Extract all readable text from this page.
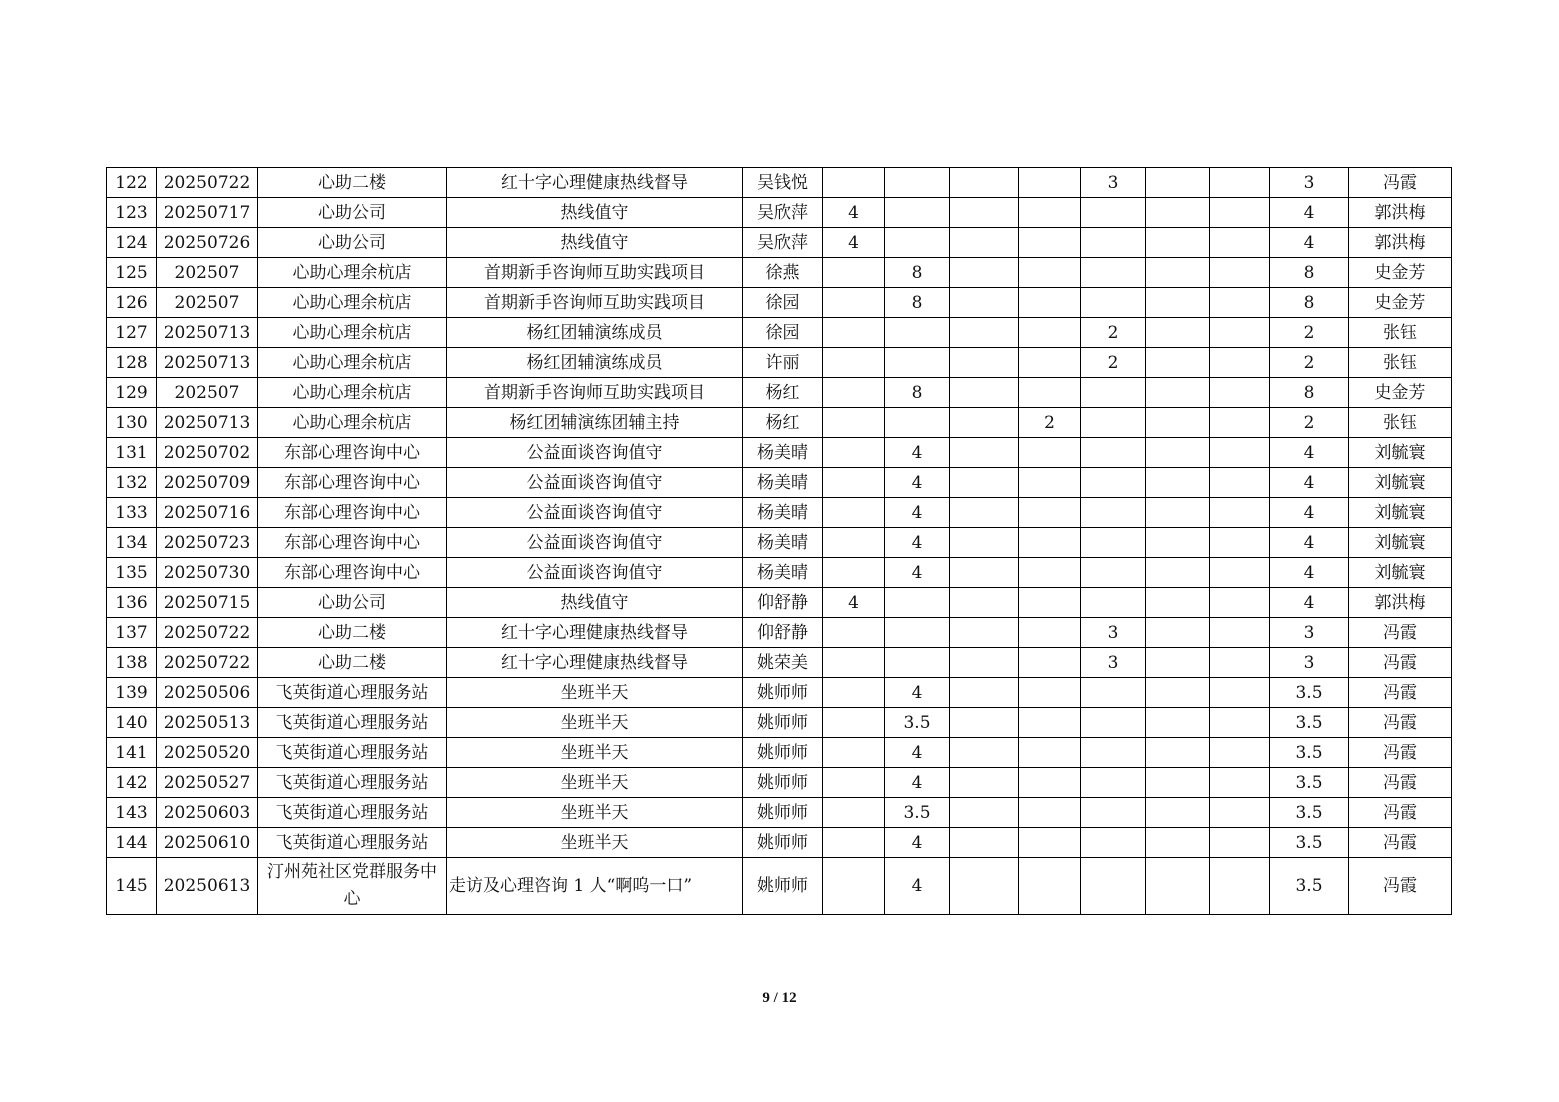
122	20250722	心助二楼	红十字心理健康热线督导	吴钱悦					3			3	冯霞
123	20250717	心助公司	热线值守	吴欣萍	4							4	郭洪梅
124	20250726	心助公司	热线值守	吴欣萍	4							4	郭洪梅
125	202507	心助心理余杭店	首期新手咨询师互助实践项目	徐燕		8						8	史金芳
126	202507	心助心理余杭店	首期新手咨询师互助实践项目	徐园		8						8	史金芳
127	20250713	心助心理余杭店	杨红团辅演练成员	徐园					2			2	张钰
128	20250713	心助心理余杭店	杨红团辅演练成员	许丽					2			2	张钰
129	202507	心助心理余杭店	首期新手咨询师互助实践项目	杨红		8						8	史金芳
130	20250713	心助心理余杭店	杨红团辅演练团辅主持	杨红				2				2	张钰
131	20250702	东部心理咨询中心	公益面谈咨询值守	杨美晴		4						4	刘毓寰
132	20250709	东部心理咨询中心	公益面谈咨询值守	杨美晴		4						4	刘毓寰
133	20250716	东部心理咨询中心	公益面谈咨询值守	杨美晴		4						4	刘毓寰
134	20250723	东部心理咨询中心	公益面谈咨询值守	杨美晴		4						4	刘毓寰
135	20250730	东部心理咨询中心	公益面谈咨询值守	杨美晴		4						4	刘毓寰
136	20250715	心助公司	热线值守	仰舒静	4							4	郭洪梅
137	20250722	心助二楼	红十字心理健康热线督导	仰舒静					3			3	冯霞
138	20250722	心助二楼	红十字心理健康热线督导	姚荣美					3			3	冯霞
139	20250506	飞英街道心理服务站	坐班半天	姚师师		4						3.5	冯霞
140	20250513	飞英街道心理服务站	坐班半天	姚师师		3.5						3.5	冯霞
141	20250520	飞英街道心理服务站	坐班半天	姚师师		4						3.5	冯霞
142	20250527	飞英街道心理服务站	坐班半天	姚师师		4						3.5	冯霞
143	20250603	飞英街道心理服务站	坐班半天	姚师师		3.5						3.5	冯霞
144	20250610	飞英街道心理服务站	坐班半天	姚师师		4						3.5	冯霞
145	20250613	汀州苑社区党群服务中心	走访及心理咨询 1 人“啊呜一口”	姚师师		4						3.5	冯霞
9 / 12
